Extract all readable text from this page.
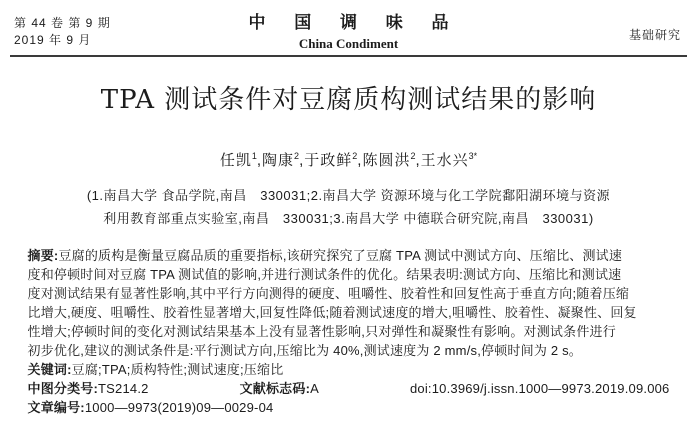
第 44 卷 第 9 期
2019 年 9 月
中 国 调 味 品
China Condiment
基础研究
TPA 测试条件对豆腐质构测试结果的影响
任凯$^1$,陶康$^2$,于政鲜$^2$,陈圆洪$^2$,王水兴$^{3*}$
(1.南昌大学 食品学院,南昌　330031;2.南昌大学 资源环境与化工学院鄱阳湖环境与资源
利用教育部重点实验室,南昌　330031;3.南昌大学 中德联合研究院,南昌　330031)
摘要:豆腐的质构是衡量豆腐品质的重要指标,该研究探究了豆腐 TPA 测试中测试方向、压缩比、测试速
度和停顿时间对豆腐 TPA 测试值的影响,并进行测试条件的优化。结果表明:测试方向、压缩比和测试速
度对测试结果有显著性影响,其中平行方向测得的硬度、咀嚼性、胶着性和回复性高于垂直方向;随着压缩
比增大,硬度、咀嚼性、胶着性显著增大,回复性降低;随着测试速度的增大,咀嚼性、胶着性、凝聚性、回复
性增大;停顿时间的变化对测试结果基本上没有显著性影响,只对弹性和凝聚性有影响。对测试条件进行
初步优化,建议的测试条件是:平行测试方向,压缩比为 40%,测试速度为 2 mm/s,停顿时间为 2 s。
关键词:豆腐;TPA;质构特性;测试速度;压缩比
中图分类号:TS214.2	文献标志码:A	doi:10.3969/j.issn.1000—9973.2019.09.006
文章编号:1000—9973(2019)09—0029-04
